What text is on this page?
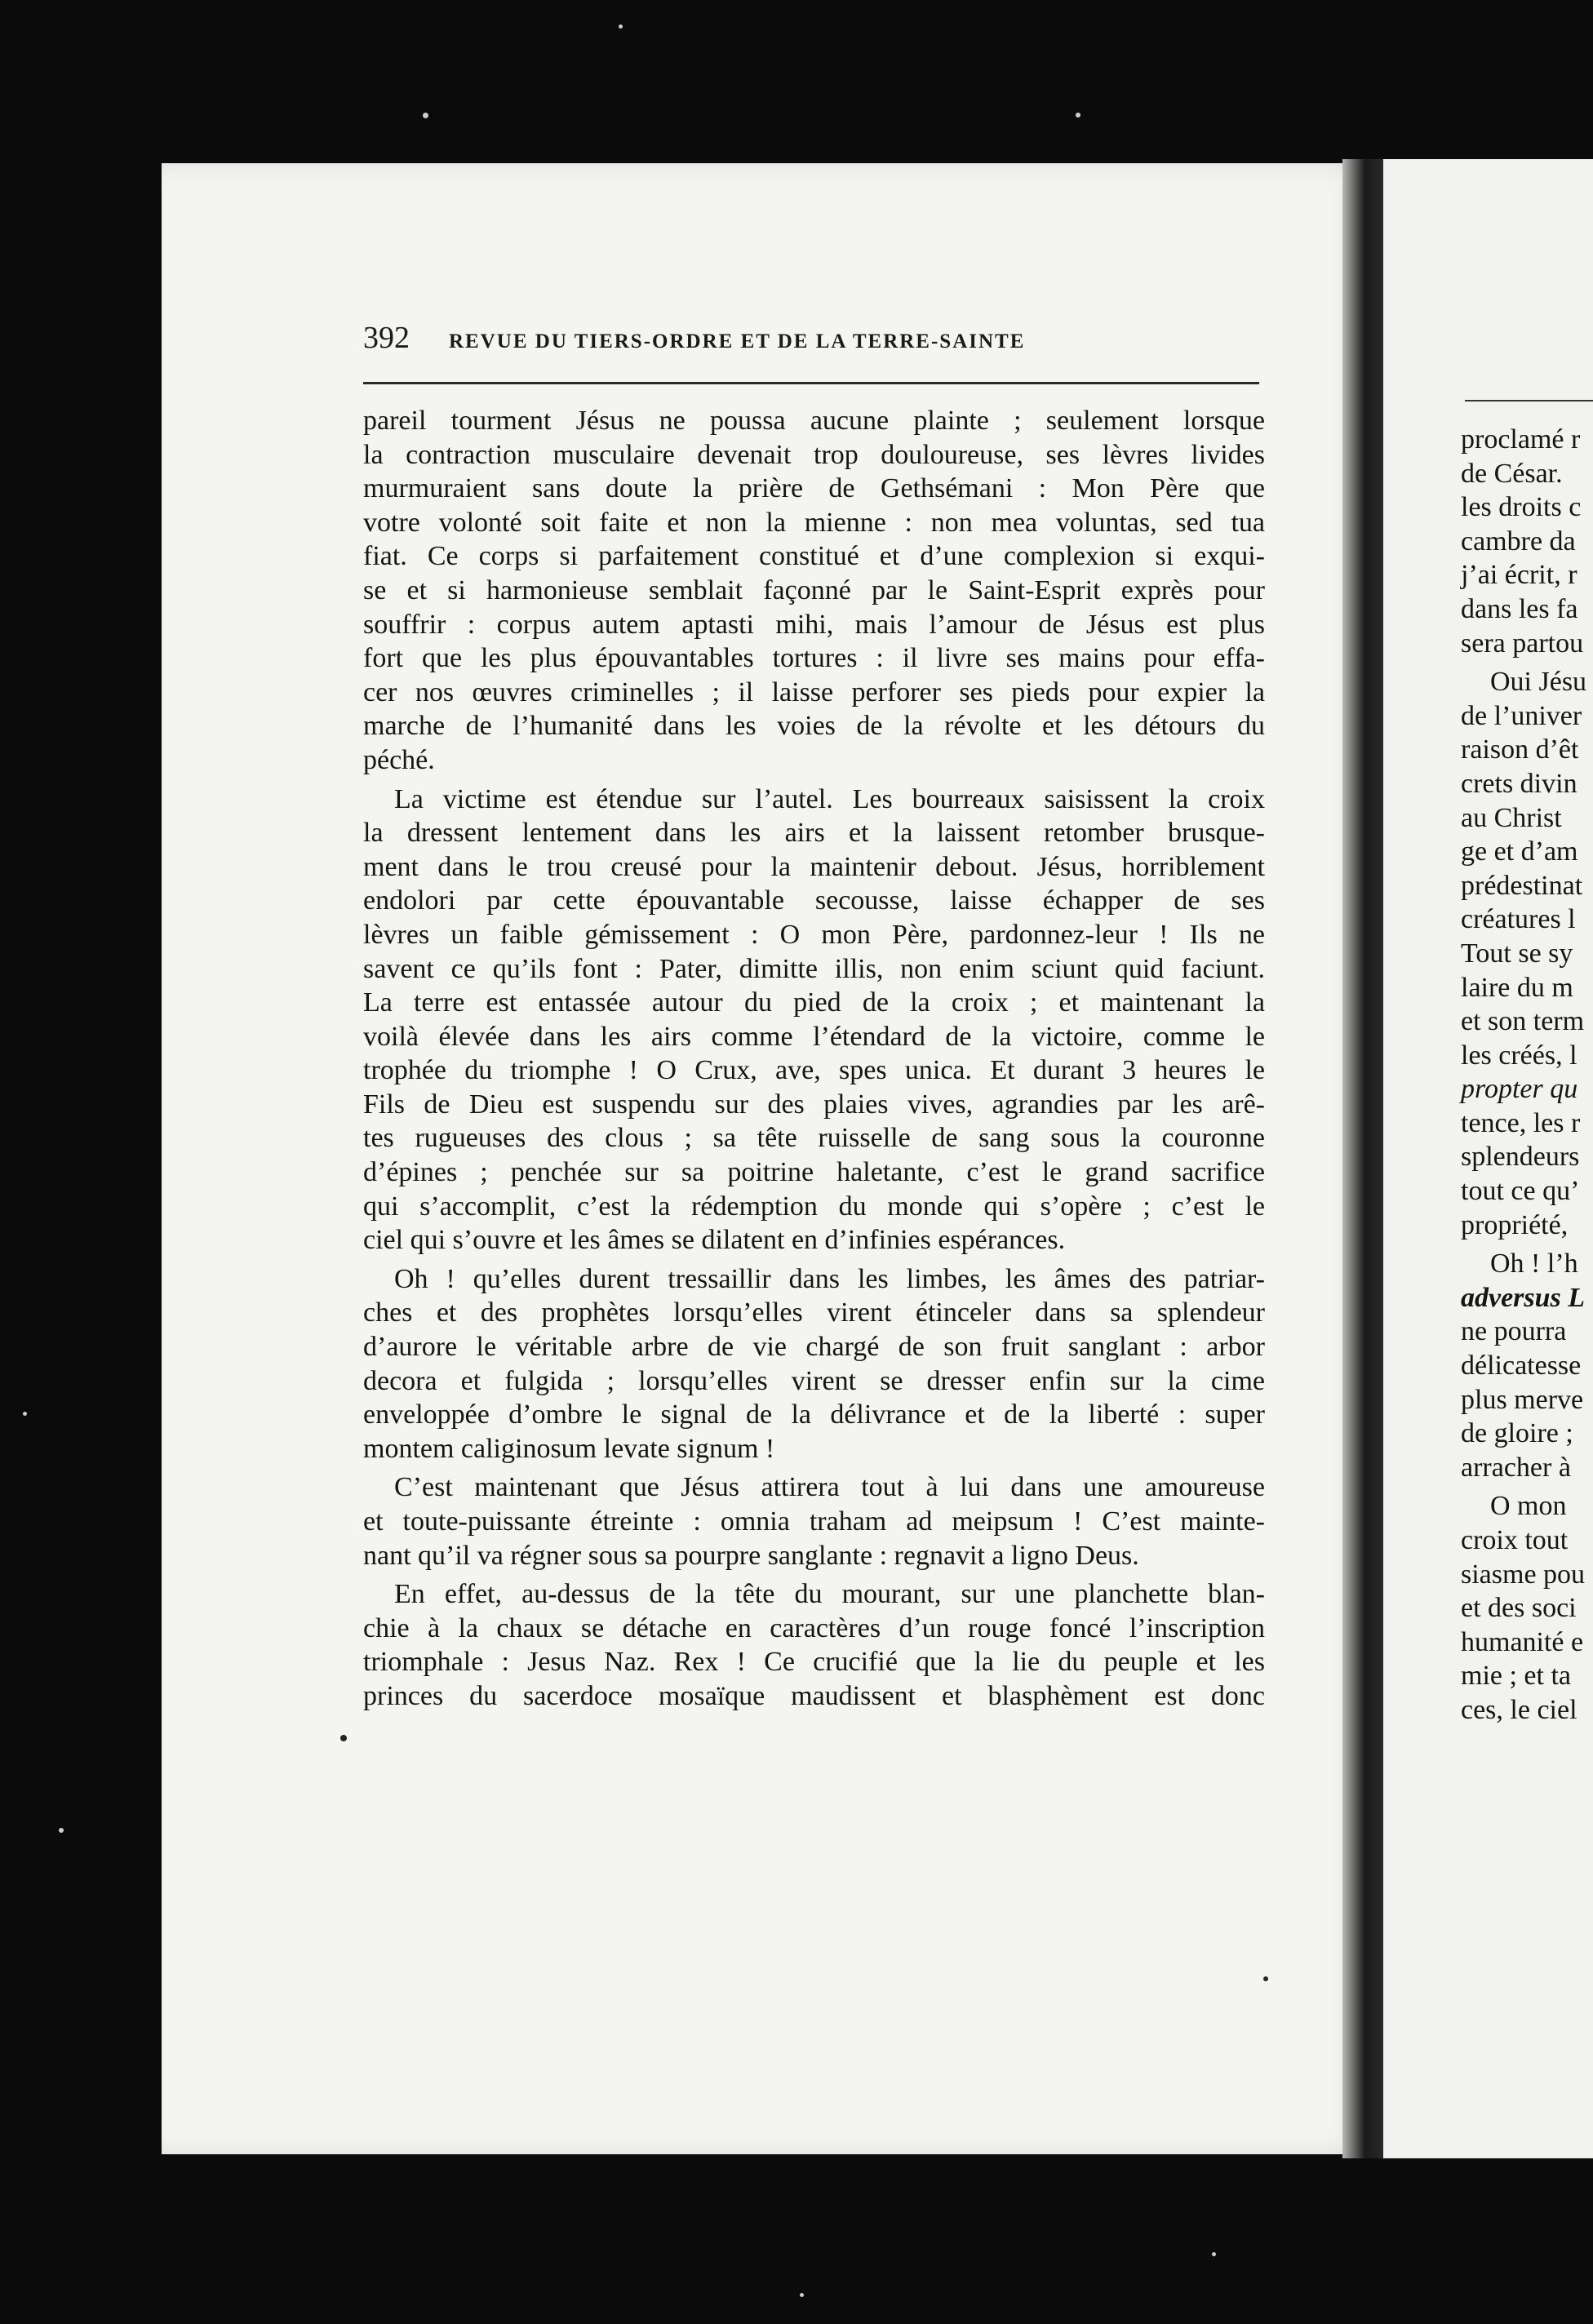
392 REVUE DU TIERS-ORDRE ET DE LA TERRE-SAINTE
pareil tourment Jésus ne poussa aucune plainte ; seulement lorsque
la contraction musculaire devenait trop douloureuse, ses lèvres livides
murmuraient sans doute la prière de Gethsémani : Mon Père que
votre volonté soit faite et non la mienne : non mea voluntas, sed tua
fiat. Ce corps si parfaitement constitué et d’une complexion si exqui-
se et si harmonieuse semblait façonné par le Saint-Esprit exprès pour
souffrir : corpus autem aptasti mihi, mais l’amour de Jésus est plus
fort que les plus épouvantables tortures : il livre ses mains pour effa-
cer nos œuvres criminelles ; il laisse perforer ses pieds pour expier la
marche de l’humanité dans les voies de la révolte et les détours du
péché.
La victime est étendue sur l’autel. Les bourreaux saisissent la croix
la dressent lentement dans les airs et la laissent retomber brusque-
ment dans le trou creusé pour la maintenir debout. Jésus, horriblement
endolori par cette épouvantable secousse, laisse échapper de ses
lèvres un faible gémissement : O mon Père, pardonnez-leur ! Ils ne
savent ce qu’ils font : Pater, dimitte illis, non enim sciunt quid faciunt.
La terre est entassée autour du pied de la croix ; et maintenant la
voilà élevée dans les airs comme l’étendard de la victoire, comme le
trophée du triomphe ! O Crux, ave, spes unica. Et durant 3 heures le
Fils de Dieu est suspendu sur des plaies vives, agrandies par les arê-
tes rugueuses des clous ; sa tête ruisselle de sang sous la couronne
d’épines ; penchée sur sa poitrine haletante, c’est le grand sacrifice
qui s’accomplit, c’est la rédemption du monde qui s’opère ; c’est le
ciel qui s’ouvre et les âmes se dilatent en d’infinies espérances.
Oh ! qu’elles durent tressaillir dans les limbes, les âmes des patriar-
ches et des prophètes lorsqu’elles virent étinceler dans sa splendeur
d’aurore le véritable arbre de vie chargé de son fruit sanglant : arbor
decora et fulgida ; lorsqu’elles virent se dresser enfin sur la cime
enveloppée d’ombre le signal de la délivrance et de la liberté : super
montem caliginosum levate signum !
C’est maintenant que Jésus attirera tout à lui dans une amoureuse
et toute-puissante étreinte : omnia traham ad meipsum ! C’est mainte-
nant qu’il va régner sous sa pourpre sanglante : regnavit a ligno Deus.
En effet, au-dessus de la tête du mourant, sur une planchette blan-
chie à la chaux se détache en caractères d’un rouge foncé l’inscription
triomphale : Jesus Naz. Rex ! Ce crucifié que la lie du peuple et les
princes du sacerdoce mosaïque maudissent et blasphèment est donc
proclamé r
de César.
les droits c
cambre da
j’ai écrit, r
dans les fa
sera partou
Oui Jésu
de l’univer
raison d’êt
crets divin
au Christ
ge et d’am
prédestinat
créatures l
Tout se sy
laire du m
et son term
les créés, l
propter qu
tence, les r
splendeurs
tout ce qu’
propriété,
Oh ! l’h
adversus L
ne pourra
délicatesse
plus merve
de gloire ;
arracher à
O mon
croix tout
siasme pou
et des soci
humanité e
mie ; et ta
ces, le ciel
